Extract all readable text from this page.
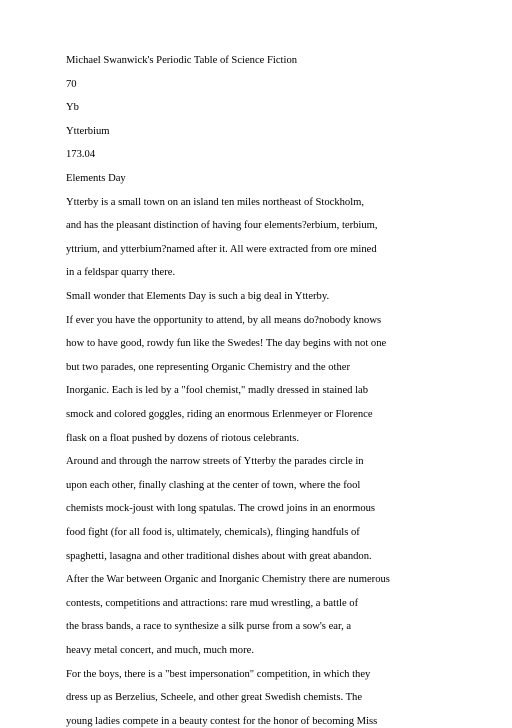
Michael Swanwick's Periodic Table of Science Fiction
70
Yb
Ytterbium
173.04
Elements Day
Ytterby is a small town on an island ten miles northeast of Stockholm,
and has the pleasant distinction of having four elements?erbium, terbium,
yttrium, and ytterbium?named after it. All were extracted from ore mined
in a feldspar quarry there.
Small wonder that Elements Day is such a big deal in Ytterby.
If ever you have the opportunity to attend, by all means do?nobody knows
how to have good, rowdy fun like the Swedes! The day begins with not one
but two parades, one representing Organic Chemistry and the other
Inorganic. Each is led by a "fool chemist," madly dressed in stained lab
smock and colored goggles, riding an enormous Erlenmeyer or Florence
flask on a float pushed by dozens of riotous celebrants.
Around and through the narrow streets of Ytterby the parades circle in
upon each other, finally clashing at the center of town, where the fool
chemists mock-joust with long spatulas. The crowd joins in an enormous
food fight (for all food is, ultimately, chemicals), flinging handfuls of
spaghetti, lasagna and other traditional dishes about with great abandon.
After the War between Organic and Inorganic Chemistry there are numerous
contests, competitions and attractions: rare mud wrestling, a battle of
the brass bands, a race to synthesize a silk purse from a sow's ear, a
heavy metal concert, and much, much more.
For the boys, there is a "best impersonation" competition, in which they
dress up as Berzelius, Scheele, and other great Swedish chemists. The
young ladies compete in a beauty contest for the honor of becoming Miss
